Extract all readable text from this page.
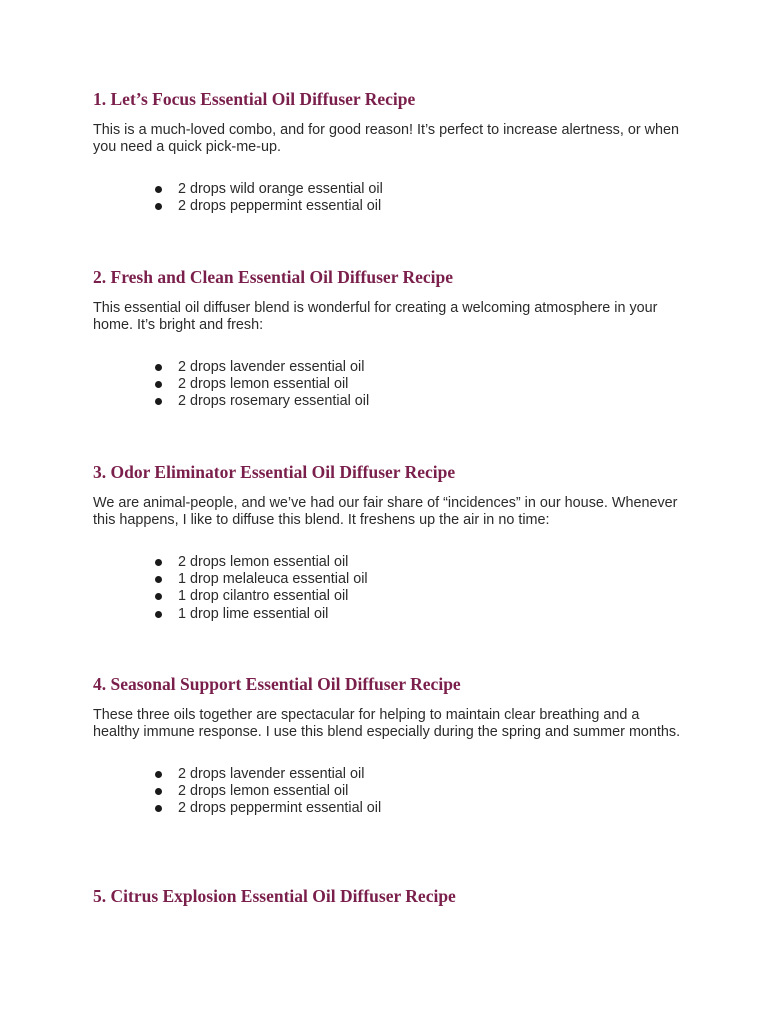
1. Let’s Focus Essential Oil Diffuser Recipe

This is a much-loved combo, and for good reason! It’s perfect to increase alertness, or when you need a quick pick-me-up.

2 drops wild orange essential oil
2 drops peppermint essential oil
2. Fresh and Clean Essential Oil Diffuser Recipe

This essential oil diffuser blend is wonderful for creating a welcoming atmosphere in your home. It’s bright and fresh:

2 drops lavender essential oil
2 drops lemon essential oil
2 drops rosemary essential oil
3. Odor Eliminator Essential Oil Diffuser Recipe

We are animal-people, and we’ve had our fair share of “incidences” in our house. Whenever this happens, I like to diffuse this blend. It freshens up the air in no time:

2 drops lemon essential oil
1 drop melaleuca essential oil
1 drop cilantro essential oil
1 drop lime essential oil
4. Seasonal Support Essential Oil Diffuser Recipe

These three oils together are spectacular for helping to maintain clear breathing and a healthy immune response. I use this blend especially during the spring and summer months.

2 drops lavender essential oil
2 drops lemon essential oil
2 drops peppermint essential oil
5. Citrus Explosion Essential Oil Diffuser Recipe
